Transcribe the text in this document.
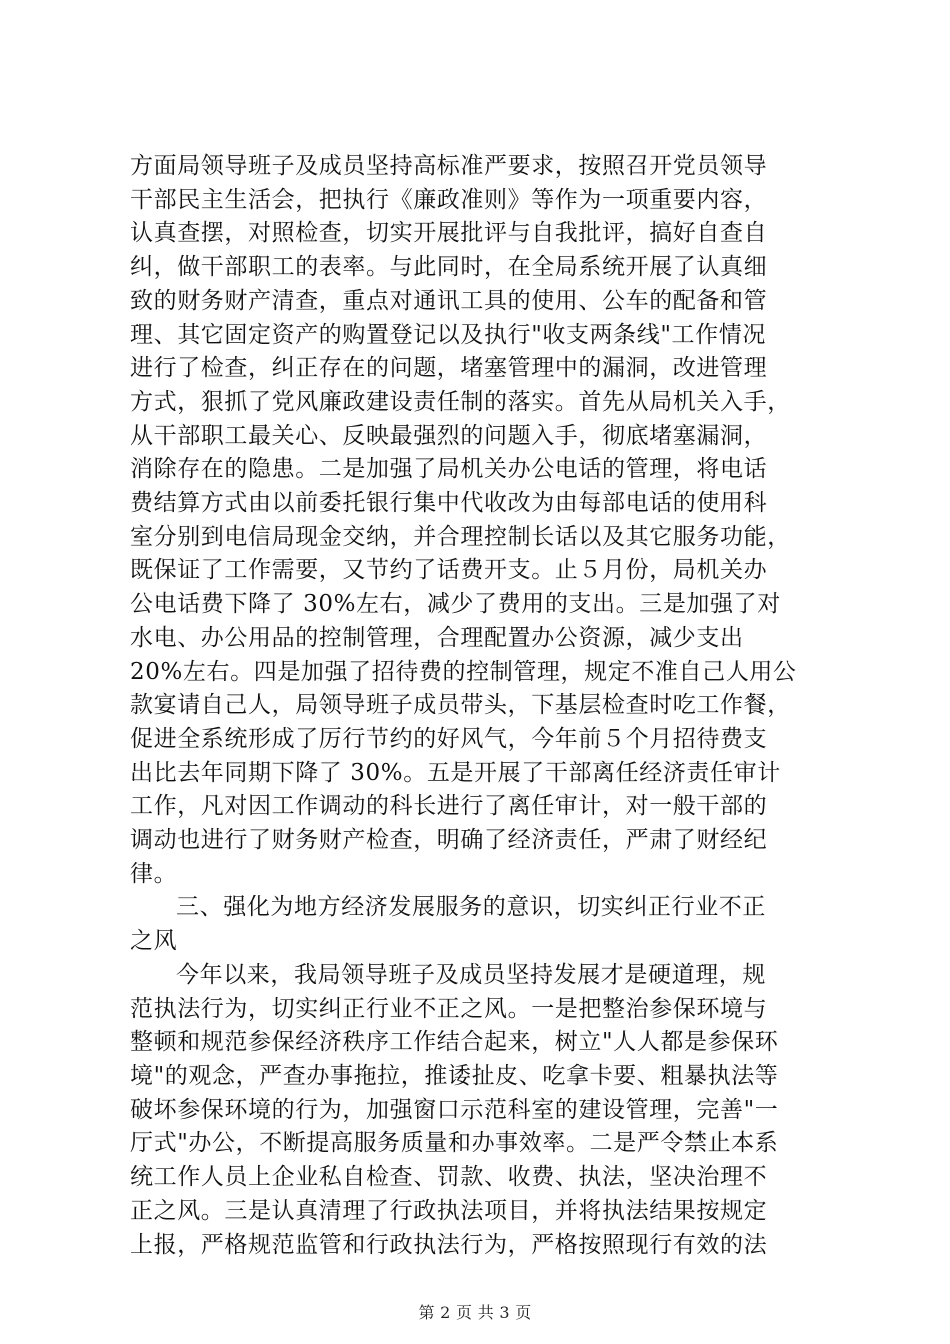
方面局领导班子及成员坚持高标准严要求，按照召开党员领导
干部民主生活会，把执行《廉政准则》等作为一项重要内容，
认真查摆，对照检查，切实开展批评与自我批评，搞好自查自
纠，做干部职工的表率。与此同时，在全局系统开展了认真细
致的财务财产清查，重点对通讯工具的使用、公车的配备和管
理、其它固定资产的购置登记以及执行"收支两条线"工作情况
进行了检查，纠正存在的问题，堵塞管理中的漏洞，改进管理
方式，狠抓了党风廉政建设责任制的落实。首先从局机关入手，
从干部职工最关心、反映最强烈的问题入手，彻底堵塞漏洞，
消除存在的隐患。二是加强了局机关办公电话的管理，将电话
费结算方式由以前委托银行集中代收改为由每部电话的使用科
室分别到电信局现金交纳，并合理控制长话以及其它服务功能，
既保证了工作需要，又节约了话费开支。止５月份，局机关办
公电话费下降了 30%左右，减少了费用的支出。三是加强了对
水电、办公用品的控制管理，合理配置办公资源，减少支出
20%左右。四是加强了招待费的控制管理，规定不准自己人用公
款宴请自己人，局领导班子成员带头，下基层检查时吃工作餐，
促进全系统形成了厉行节约的好风气，今年前５个月招待费支
出比去年同期下降了 30%。五是开展了干部离任经济责任审计
工作，凡对因工作调动的科长进行了离任审计，对一般干部的
调动也进行了财务财产检查，明确了经济责任，严肃了财经纪
律。
三、强化为地方经济发展服务的意识，切实纠正行业不正
之风
今年以来，我局领导班子及成员坚持发展才是硬道理，规
范执法行为，切实纠正行业不正之风。一是把整治参保环境与
整顿和规范参保经济秩序工作结合起来，树立"人人都是参保环
境"的观念，严查办事拖拉，推诿扯皮、吃拿卡要、粗暴执法等
破坏参保环境的行为，加强窗口示范科室的建设管理，完善"一
厅式"办公，不断提高服务质量和办事效率。二是严令禁止本系
统工作人员上企业私自检查、罚款、收费、执法，坚决治理不
正之风。三是认真清理了行政执法项目，并将执法结果按规定
上报，严格规范监管和行政执法行为，严格按照现行有效的法
第 2 页 共 3 页
